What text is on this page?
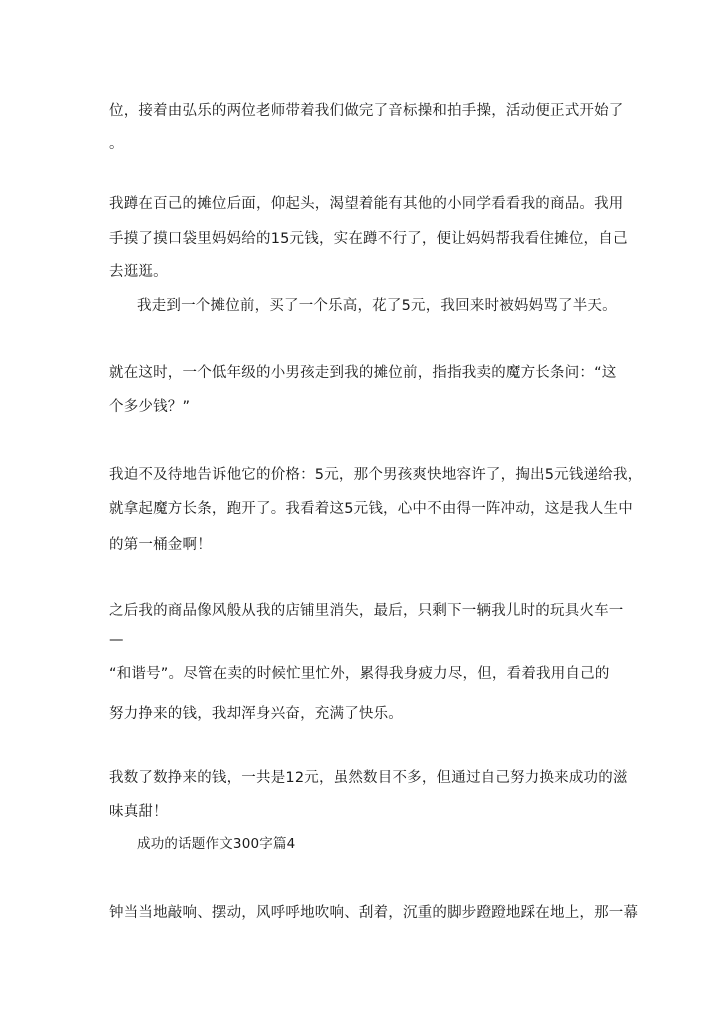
位，接着由弘乐的两位老师带着我们做完了音标操和拍手操，活动便正式开始了
。
我蹲在百己的摊位后面，仰起头，渴望着能有其他的小同学看看我的商品。我用
手摸了摸口袋里妈妈给的15元钱，实在蹲不行了，便让妈妈帮我看住摊位，自己
去逛逛。
我走到一个摊位前，买了一个乐高，花了5元，我回来时被妈妈骂了半天。
就在这时，一个低年级的小男孩走到我的摊位前，指指我卖的魔方长条问：“这
个多少钱？”
我迫不及待地告诉他它的价格：5元，那个男孩爽快地容许了，掏出5元钱递给我，
就拿起魔方长条，跑开了。我看着这5元钱，心中不由得一阵冲动，这是我人生中
的第一桶金啊！
之后我的商品像风般从我的店铺里消失，最后，只剩下一辆我儿时的玩具火车一
—
“和谐号”。尽管在卖的时候忙里忙外，累得我身疲力尽，但，看着我用自己的
努力挣来的钱，我却浑身兴奋，充满了快乐。
我数了数挣来的钱，一共是12元，虽然数目不多，但通过自己努力换来成功的滋
味真甜！
成功的话题作文300字篇4
钟当当地敲响、摆动，风呼呼地吹响、刮着，沉重的脚步蹬蹬地踩在地上，那一幕
